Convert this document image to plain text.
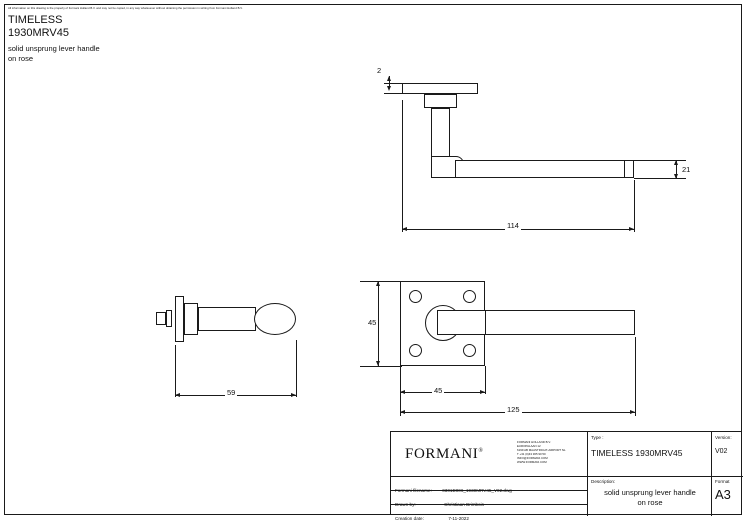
All information on this drawing is the property of Formani Holland B.V. and may not be copied, in any way whatsoever without obtaining the permission in writing from Formani Holland B.V.
TIMELESS
1930MRV45
solid unsprung lever handle
on rose
2
21
114
59
45
45
125
FORMANI®
FORMANI HOLLAND B.V.
EUROPALAAN 12
6199 AB MAASTRICHT-AIRPORT NL
T +31 (0)43 365 90 50
INFO@FORMANI.COM
WWW.FORMANI.COM
Version:
V02
Type :
TIMELESS 1930MRV45
Description:
solid unsprung lever handle
on rose
Format
A3
Formani filename: 0301D006_1930MRV45_V02.dwg
Drawn by:	Christiaan Brimbois
Creation date:	7-11-2022
